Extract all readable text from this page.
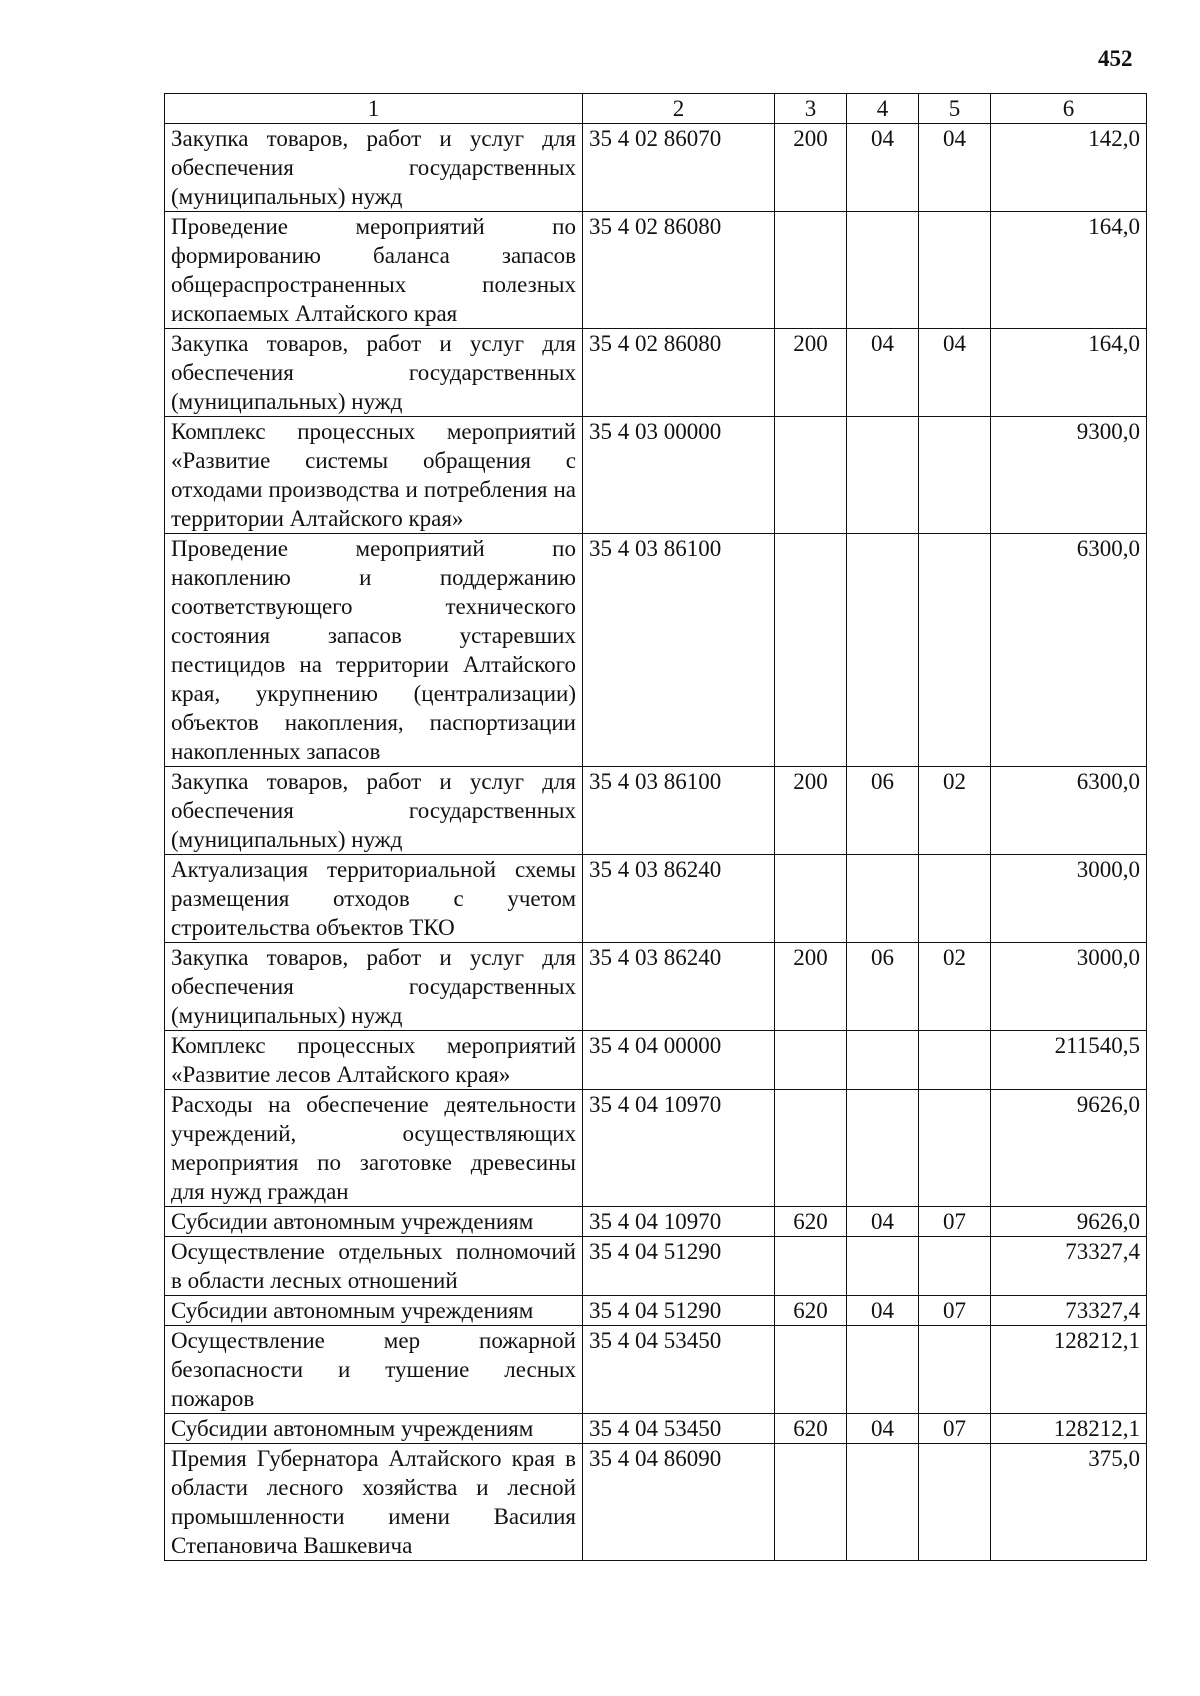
452
1	2	3	4	5	6
Закупка товаров, работ и услуг для обеспечения государственных (муниципальных) нужд	35 4 02 86070	200	04	04	142,0
Проведение мероприятий по формированию баланса запасов общераспространенных полезных ископаемых Алтайского края	35 4 02 86080				164,0
Закупка товаров, работ и услуг для обеспечения государственных (муниципальных) нужд	35 4 02 86080	200	04	04	164,0
Комплекс процессных мероприятий «Развитие системы обращения с отходами производства и потребления на территории Алтайского края»	35 4 03 00000				9300,0
Проведение мероприятий по накоплению и поддержанию соответствующего технического состояния запасов устаревших пестицидов на территории Алтайского края, укрупнению (централизации) объектов накопления, паспортизации накопленных запасов	35 4 03 86100				6300,0
Закупка товаров, работ и услуг для обеспечения государственных (муниципальных) нужд	35 4 03 86100	200	06	02	6300,0
Актуализация территориальной схемы размещения отходов с учетом строительства объектов ТКО	35 4 03 86240				3000,0
Закупка товаров, работ и услуг для обеспечения государственных (муниципальных) нужд	35 4 03 86240	200	06	02	3000,0
Комплекс процессных мероприятий «Развитие лесов Алтайского края»	35 4 04 00000				211540,5
Расходы на обеспечение деятельности учреждений, осуществляющих мероприятия по заготовке древесины для нужд граждан	35 4 04 10970				9626,0
Субсидии автономным учреждениям	35 4 04 10970	620	04	07	9626,0
Осуществление отдельных полномочий в области лесных отношений	35 4 04 51290				73327,4
Субсидии автономным учреждениям	35 4 04 51290	620	04	07	73327,4
Осуществление мер пожарной безопасности и тушение лесных пожаров	35 4 04 53450				128212,1
Субсидии автономным учреждениям	35 4 04 53450	620	04	07	128212,1
Премия Губернатора Алтайского края в области лесного хозяйства и лесной промышленности имени Василия Степановича Вашкевича	35 4 04 86090				375,0
